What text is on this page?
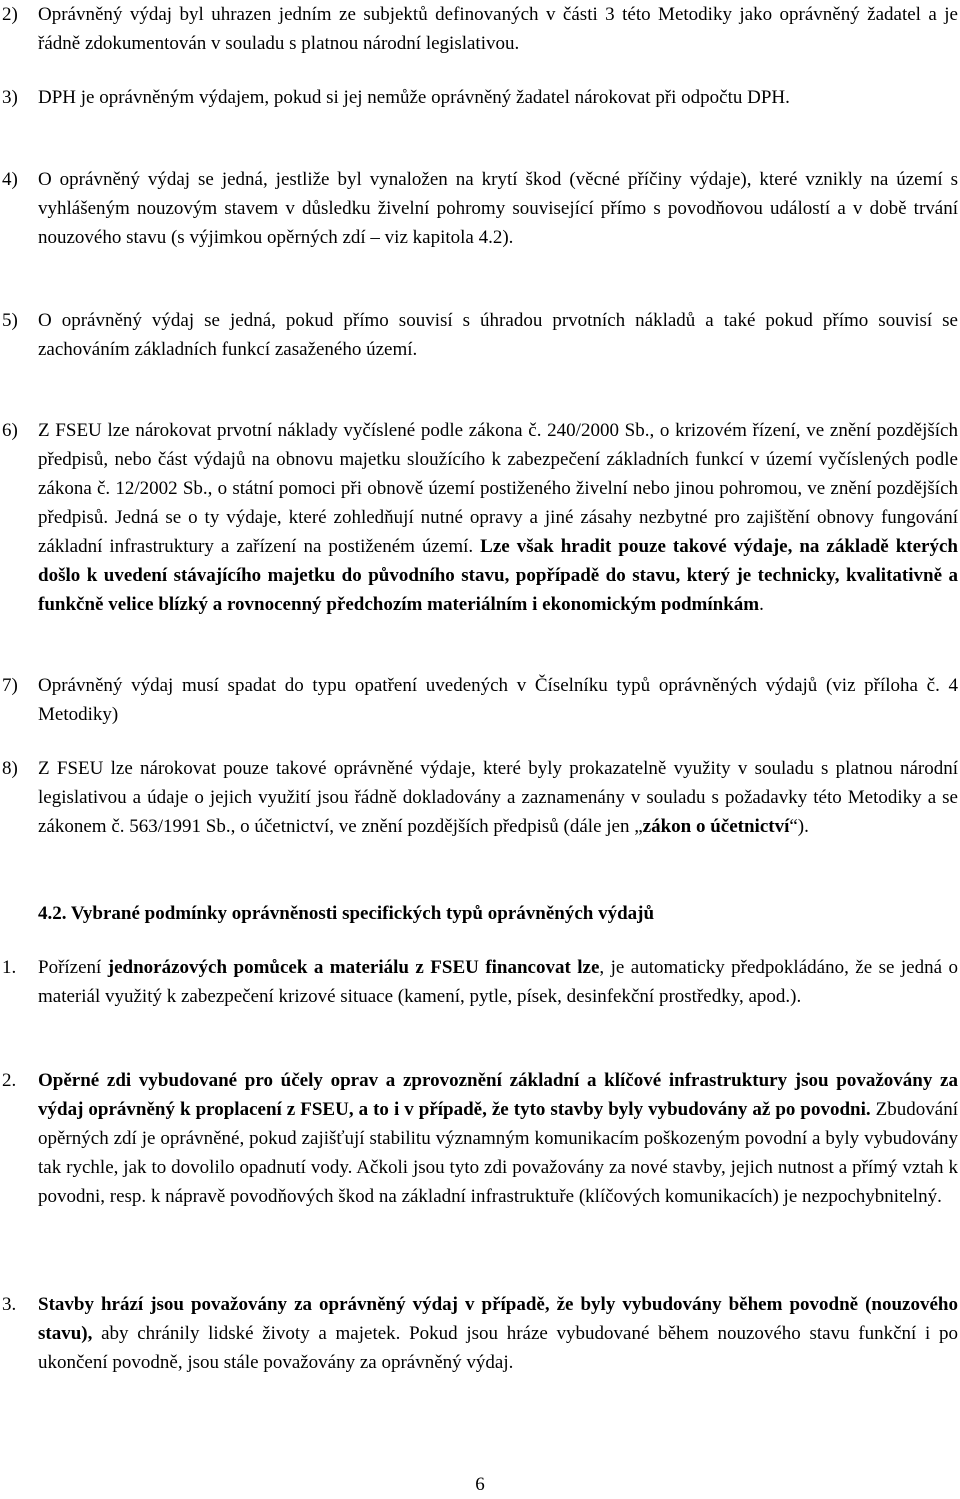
2) Oprávněný výdaj byl uhrazen jedním ze subjektů definovaných v části 3 této Metodiky jako oprávněný žadatel a je řádně zdokumentován v souladu s platnou národní legislativou.
3) DPH je oprávněným výdajem, pokud si jej nemůže oprávněný žadatel nárokovat při odpočtu DPH.
4) O oprávněný výdaj se jedná, jestliže byl vynaložen na krytí škod (věcné příčiny výdaje), které vznikly na území s vyhlášeným nouzovým stavem v důsledku živelní pohromy související přímo s povodňovou událostí a v době trvání nouzového stavu (s výjimkou opěrných zdí – viz kapitola 4.2).
5) O oprávněný výdaj se jedná, pokud přímo souvisí s úhradou prvotních nákladů a také pokud přímo souvisí se zachováním základních funkcí zasaženého území.
6) Z FSEU lze nárokovat prvotní náklady vyčíslené podle zákona č. 240/2000 Sb., o krizovém řízení, ve znění pozdějších předpisů, nebo část výdajů na obnovu majetku sloužícího k zabezpečení základních funkcí v území vyčíslených podle zákona č. 12/2002 Sb., o státní pomoci při obnově území postiženého živelní nebo jinou pohromou, ve znění pozdějších předpisů. Jedná se o ty výdaje, které zohledňují nutné opravy a jiné zásahy nezbytné pro zajištění obnovy fungování základní infrastruktury a zařízení na postiženém území. Lze však hradit pouze takové výdaje, na základě kterých došlo k uvedení stávajícího majetku do původního stavu, popřípadě do stavu, který je technicky, kvalitativně a funkčně velice blízký a rovnocenný předchozím materiálním i ekonomickým podmínkám.
7) Oprávněný výdaj musí spadat do typu opatření uvedených v Číselníku typů oprávněných výdajů (viz příloha č. 4 Metodiky)
8) Z FSEU lze nárokovat pouze takové oprávněné výdaje, které byly prokazatelně využity v souladu s platnou národní legislativou a údaje o jejich využití jsou řádně dokladovány a zaznamenány v souladu s požadavky této Metodiky a se zákonem č. 563/1991 Sb., o účetnictví, ve znění pozdějších předpisů (dále jen „zákon o účetnictví“).

4.2. Vybrané podmínky oprávněnosti specifických typů oprávněných výdajů

1. Pořízení jednorázových pomůcek a materiálu z FSEU financovat lze, je automaticky předpokládáno, že se jedná o materiál využitý k zabezpečení krizové situace (kamení, pytle, písek, desinfekční prostředky, apod.).
2. Opěrné zdi vybudované pro účely oprav a zprovoznění základní a klíčové infrastruktury jsou považovány za výdaj oprávněný k proplacení z FSEU, a to i v případě, že tyto stavby byly vybudovány až po povodni. Zbudování opěrných zdí je oprávněné, pokud zajišťují stabilitu významným komunikacím poškozeným povodní a byly vybudovány tak rychle, jak to dovolilo opadnutí vody. Ačkoli jsou tyto zdi považovány za nové stavby, jejich nutnost a přímý vztah k povodni, resp. k nápravě povodňových škod na základní infrastruktuře (klíčových komunikacích) je nezpochybnitelný.
3. Stavby hrází jsou považovány za oprávněný výdaj v případě, že byly vybudovány během povodně (nouzového stavu), aby chránily lidské životy a majetek. Pokud jsou hráze vybudované během nouzového stavu funkční i po ukončení povodně, jsou stále považovány za oprávněný výdaj.
6
